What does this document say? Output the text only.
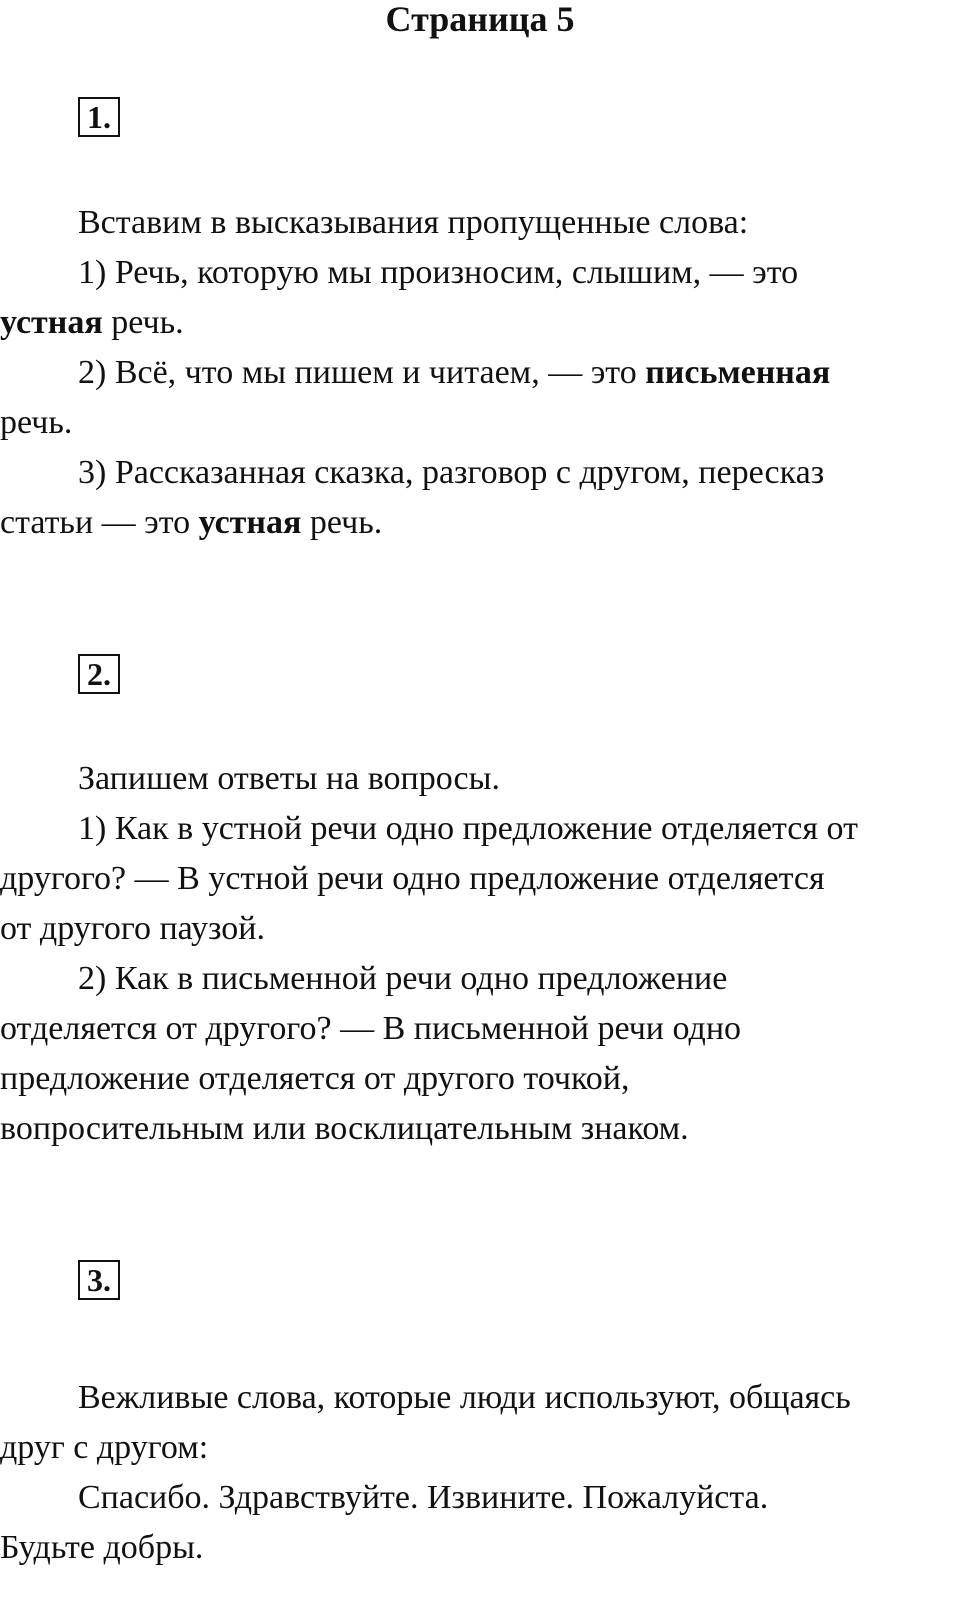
Страница 5
1.
Вставим в высказывания пропущенные слова:
1) Речь, которую мы произносим, слышим, — это
устная речь.
2) Всё, что мы пишем и читаем, — это письменная
речь.
3) Рассказанная сказка, разговор с другом, пересказ
статьи — это устная речь.
2.
Запишем ответы на вопросы.
1) Как в устной речи одно предложение отделяется от
другого? — В устной речи одно предложение отделяется
от другого паузой.
2) Как в письменной речи одно предложение
отделяется от другого? — В письменной речи одно
предложение отделяется от другого точкой,
вопросительным или восклицательным знаком.
3.
Вежливые слова, которые люди используют, общаясь
друг с другом:
Спасибо. Здравствуйте. Извините. Пожалуйста.
Будьте добры.
